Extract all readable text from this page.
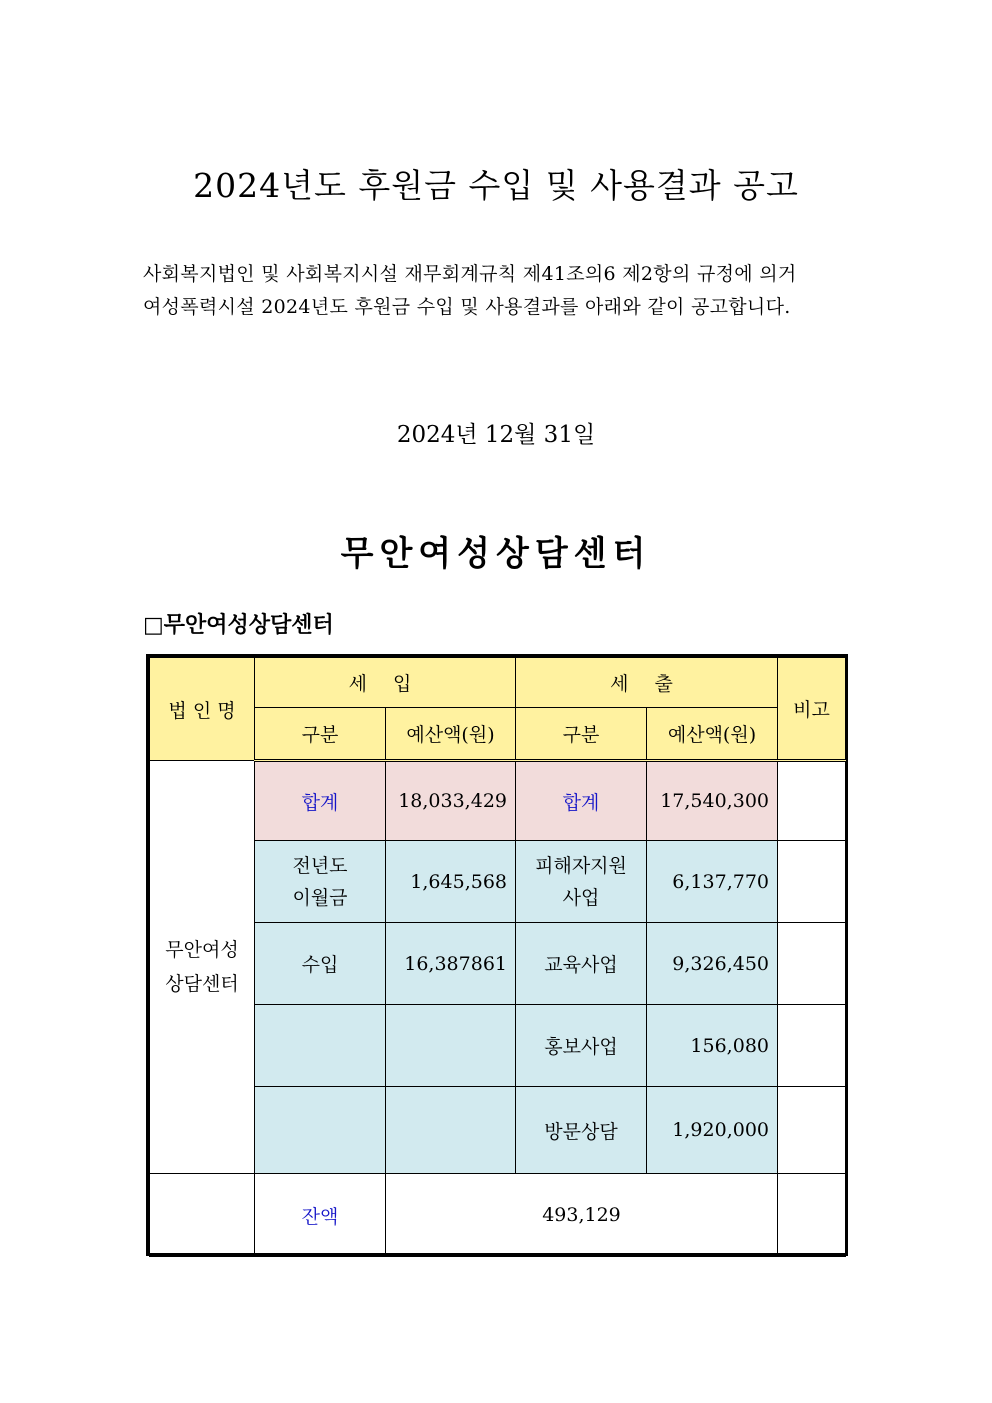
2024년도 후원금 수입 및 사용결과 공고
사회복지법인 및 사회복지시설 재무회계규칙 제41조의6 제2항의 규정에 의거
여성폭력시설 2024년도 후원금 수입 및 사용결과를 아래와 같이 공고합니다.
2024년 12월 31일
무안여성상담센터
□무안여성상담센터
법 인 명	세 입		세 출		비고
	구분	예산액(원)	구분	예산액(원)	
무안여성상담센터	합계	18,033,429	합계	17,540,300	
	전년도 이월금	1,645,568	피해자지원 사업	6,137,770	
	수입	16,387861	교육사업	9,326,450	
			홍보사업	156,080	
			방문상담	1,920,000	
	잔액	493,129			
